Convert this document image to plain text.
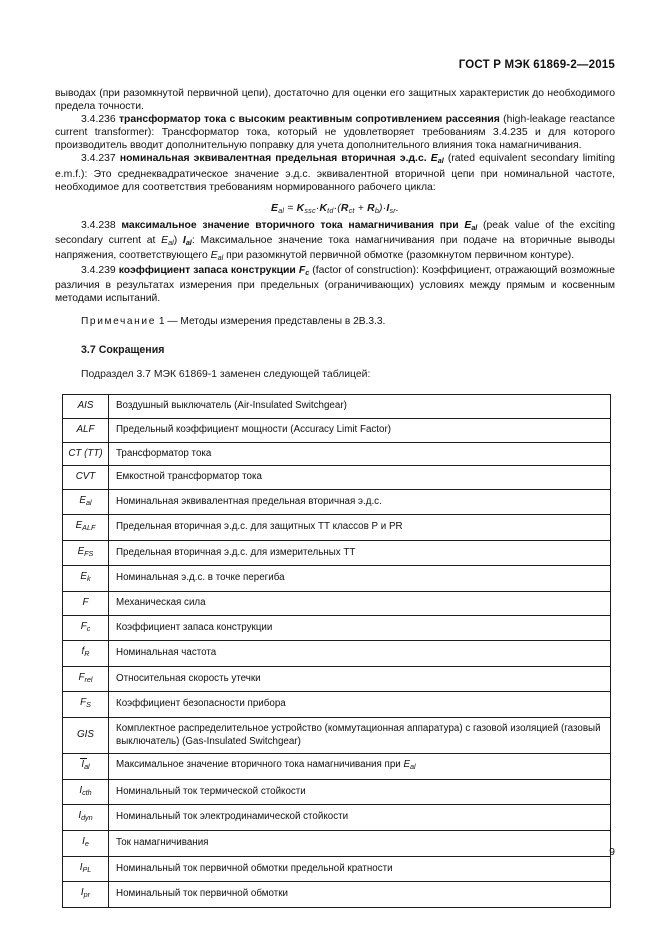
ГОСТ Р МЭК 61869-2—2015

выводах (при разомкнутой первичной цепи), достаточно для оценки его защитных характеристик до необходимого предела точности.

3.4.236 трансформатор тока с высоким реактивным сопротивлением рассеяния (high-leakage reactance current transformer): Трансформатор тока, который не удовлетворяет требованиям 3.4.235 и для которого производитель вводит дополнительную поправку для учета дополнительного влияния тока намагничивания.

3.4.237 номинальная эквивалентная предельная вторичная э.д.с. $E_{al}$ (rated equivalent secondary limiting e.m.f.): Это среднеквадратическое значение э.д.с. эквивалентной вторичной цепи при номинальной частоте, необходимое для соответствия требованиям нормированного рабочего цикла:

$E_{al} = K_{ssc}\cdot K_{td}\cdot(R_{ct} + R_b)\cdot I_{sr}$.

3.4.238 максимальное значение вторичного тока намагничивания при $E_{al}$ (peak value of the exciting secondary current at $E_{al}$) $I_{al}$: Максимальное значение тока намагничивания при подаче на вторичные выводы напряжения, соответствующего $E_{al}$ при разомкнутой первичной обмотке (разомкнутом первичном контуре).

3.4.239 коэффициент запаса конструкции $F_c$ (factor of construction): Коэффициент, отражающий возможные различия в результатах измерения при предельных (ограничивающих) условиях между прямым и косвенным методами испытаний.

Примечание 1 — Методы измерения представлены в 2В.3.3.
3.7 Сокращения
Подраздел 3.7 МЭК 61869-1 заменен следующей таблицей:
AIS	Воздушный выключатель (Air-Insulated Switchgear)
ALF	Предельный коэффициент мощности (Accuracy Limit Factor)
CT (TT)	Трансформатор тока
CVT	Емкостной трансформатор тока
$E_{al}$	Номинальная эквивалентная предельная вторичная э.д.с.
$E_{ALF}$	Предельная вторичная э.д.с. для защитных ТТ классов Р и PR
$E_{FS}$	Предельная вторичная э.д.с. для измерительных ТТ
$E_k$	Номинальная э.д.с. в точке перегиба
F	Механическая сила
$F_c$	Коэффициент запаса конструкции
$f_R$	Номинальная частота
$F_{rel}$	Относительная скорость утечки
$F_S$	Коэффициент безопасности прибора
GIS	Комплектное распределительное устройство (коммутационная аппаратура) с газовой изоляцией (газовый выключатель) (Gas-Insulated Switchgear)
$Î_{al}$	Максимальное значение вторичного тока намагничивания при $E_{al}$
$I_{cth}$	Номинальный ток термической стойкости
$I_{dyn}$	Номинальный ток электродинамической стойкости
$I_e$	Ток намагничивания
$I_{PL}$	Номинальный ток первичной обмотки предельной кратности
$I_{pr}$	Номинальный ток первичной обмотки
9
